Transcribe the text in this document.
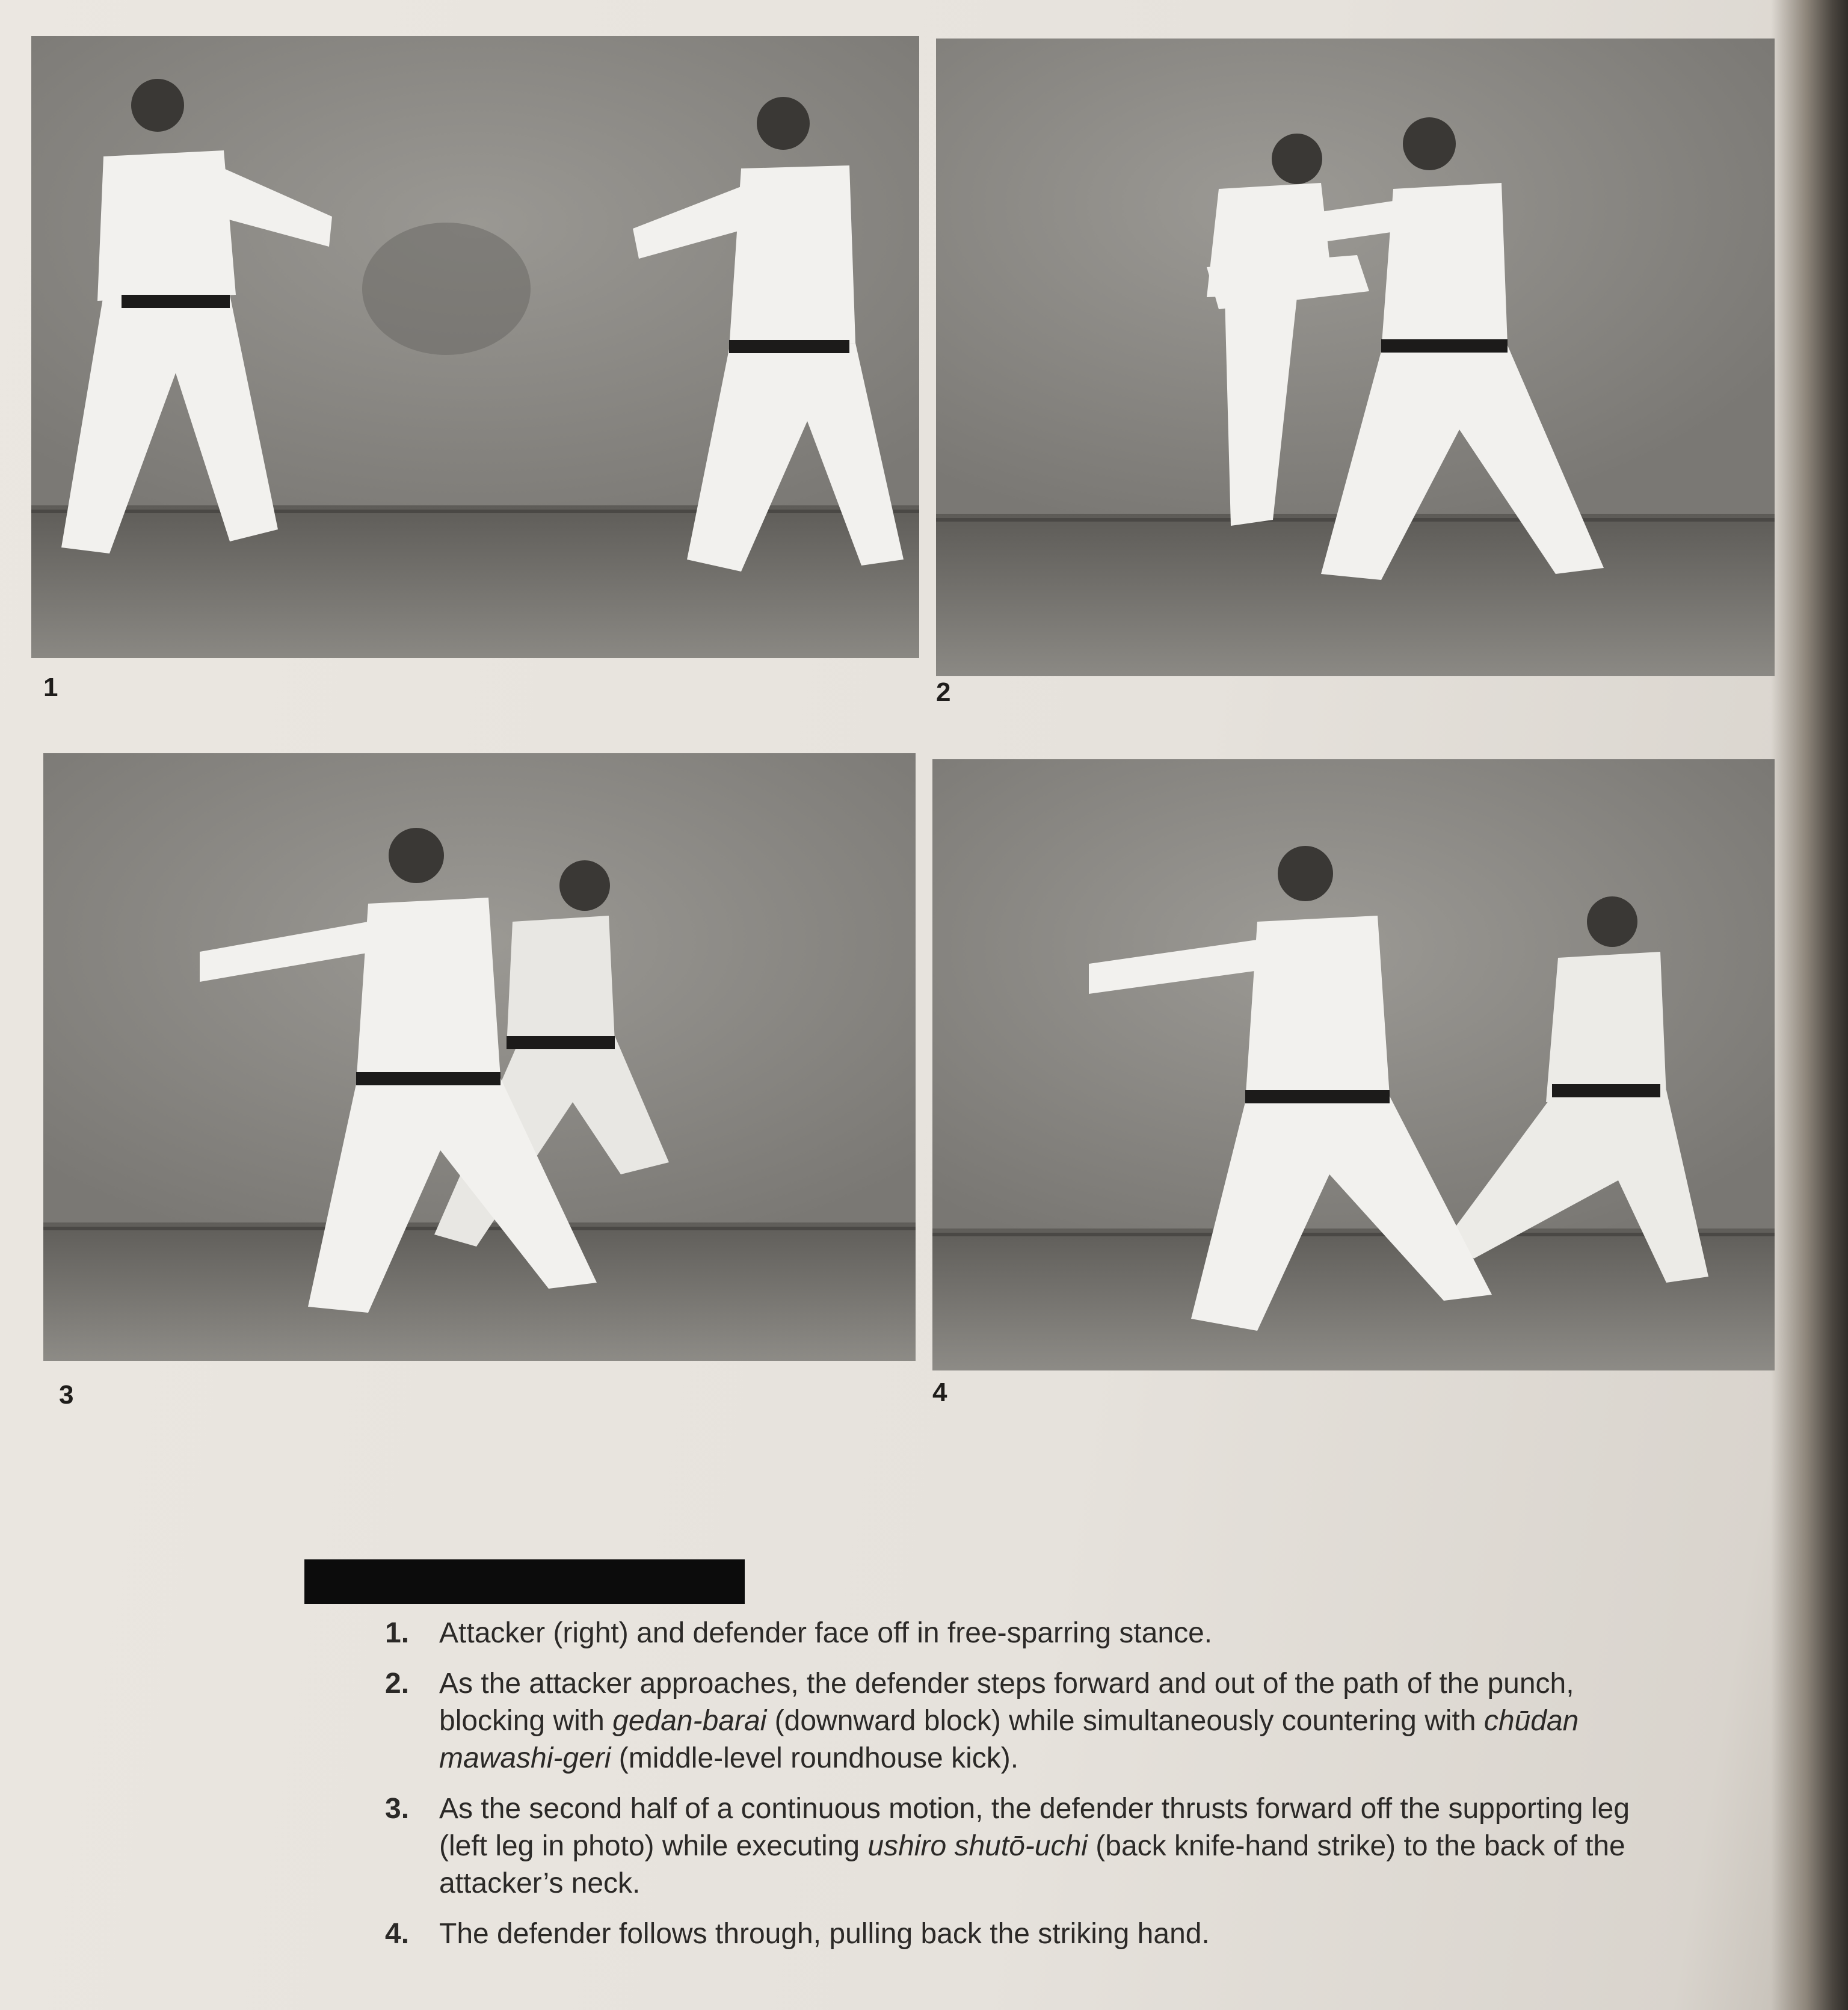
1	2
3	4
1. Attacker (right) and defender face off in free-sparring stance.
2. As the attacker approaches, the defender steps forward and out of the path of the punch, blocking with gedan-barai (downward block) while simultaneously countering with chūdan mawashi-geri (middle-level roundhouse kick).
3. As the second half of a continuous motion, the defender thrusts forward off the supporting leg (left leg in photo) while executing ushiro shutō-uchi (back knife-hand strike) to the back of the attacker’s neck.
4. The defender follows through, pulling back the striking hand.
